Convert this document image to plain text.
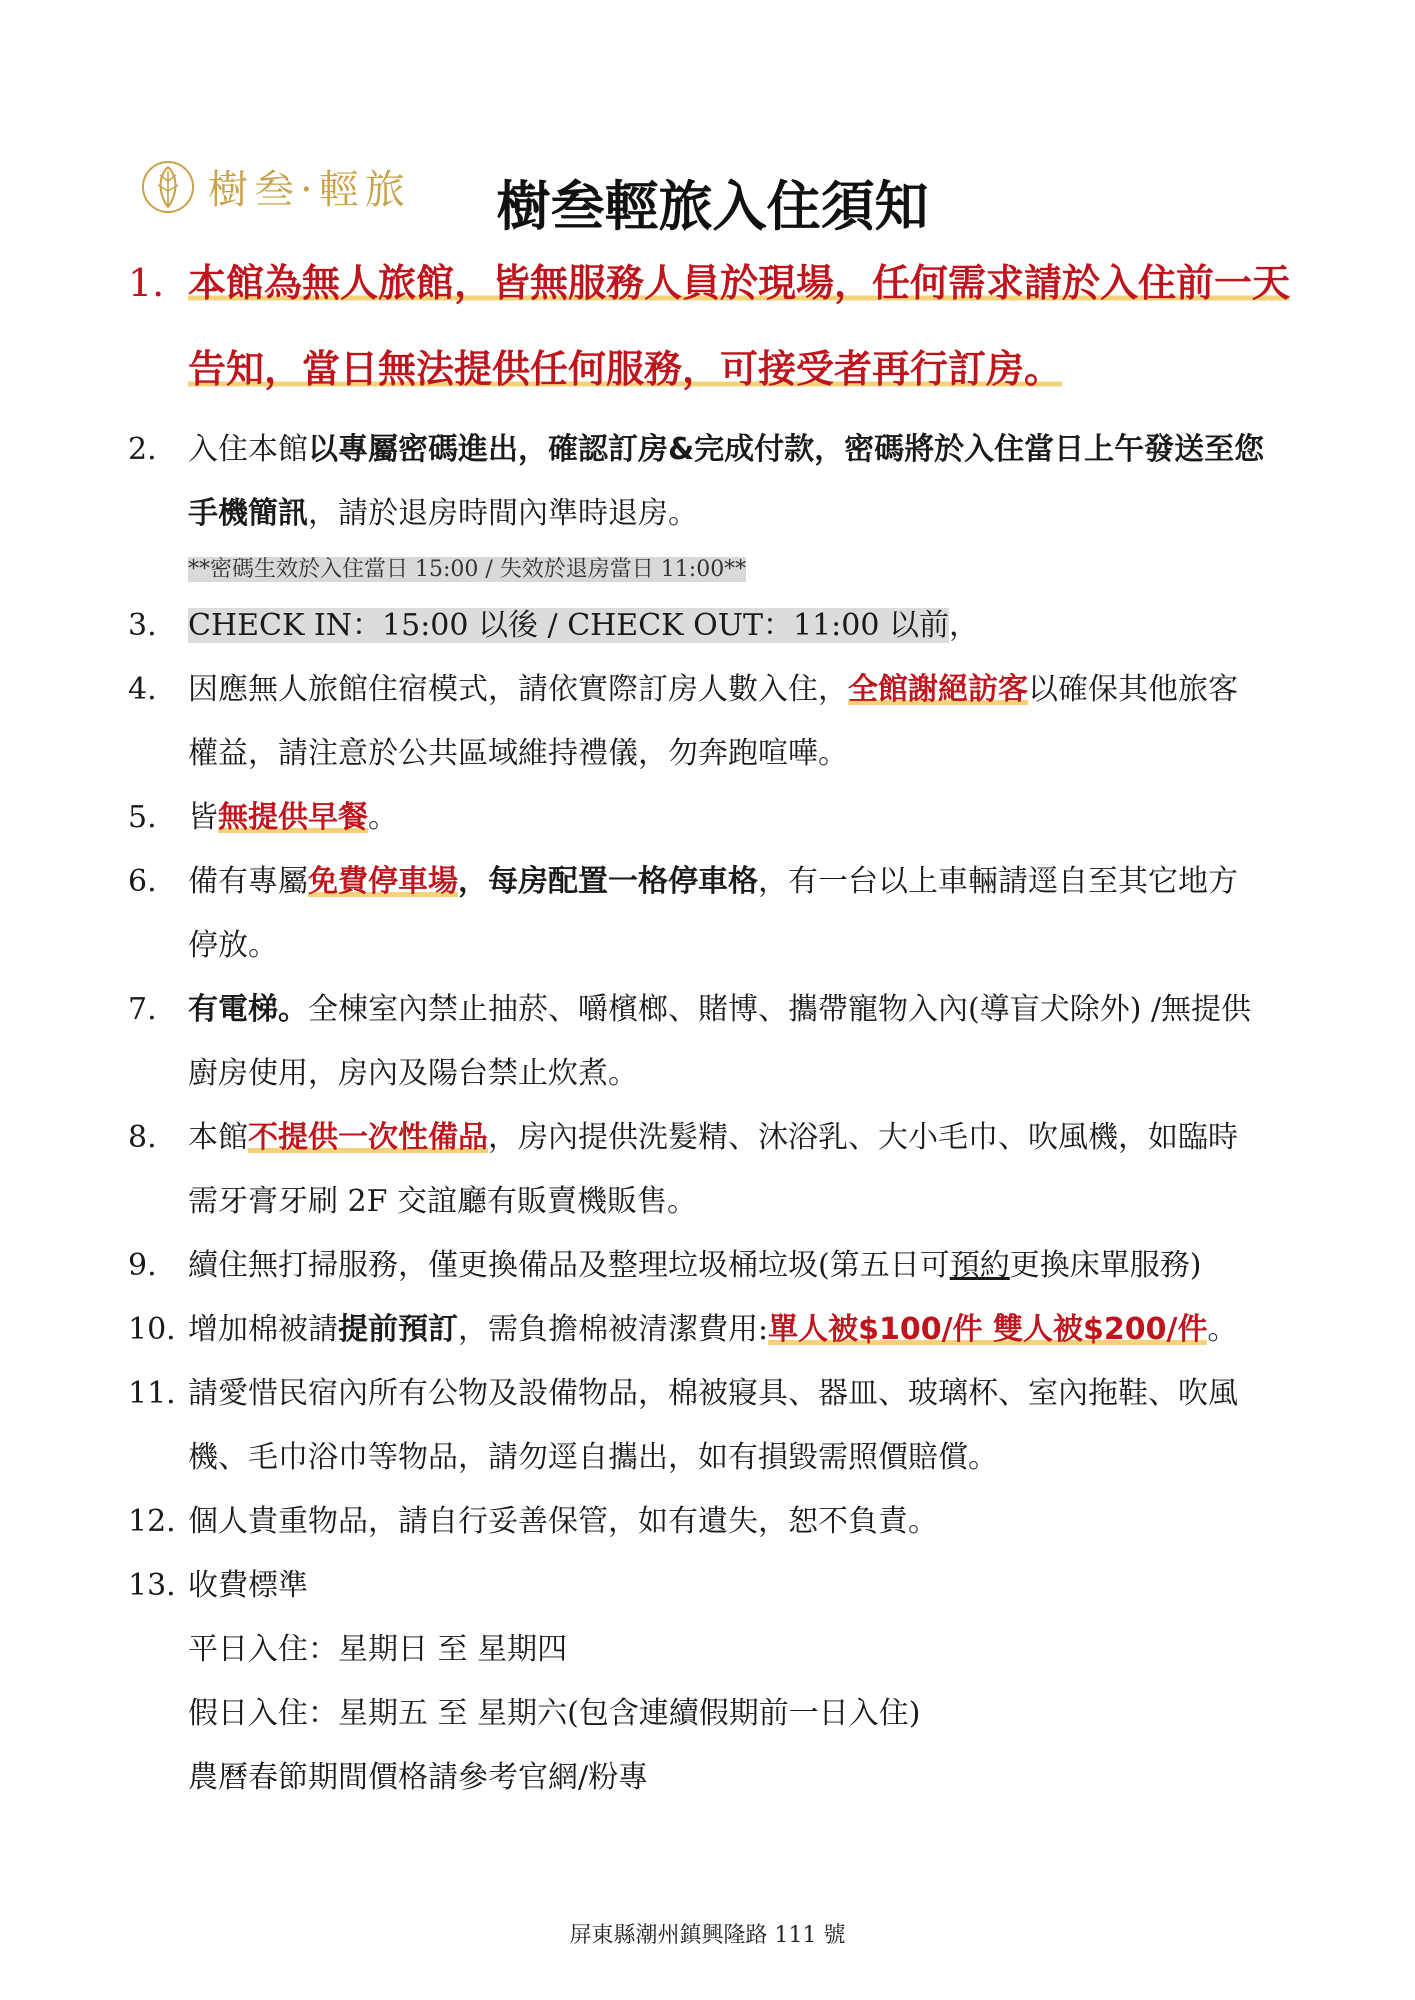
樹叁·輕旅	樹叁輕旅入住須知
1. 本館為無人旅館，皆無服務人員於現場，任何需求請於入住前一天
告知，當日無法提供任何服務，可接受者再行訂房。
2.	入住本館以專屬密碼進出，確認訂房&完成付款，密碼將於入住當日上午發送至您
手機簡訊，請於退房時間內準時退房。
**密碼生效於入住當日 15:00 / 失效於退房當日 11:00**
3.	CHECK IN：15:00 以後 / CHECK OUT：11:00 以前，
4.	因應無人旅館住宿模式，請依實際訂房人數入住，全館謝絕訪客以確保其他旅客
權益，請注意於公共區域維持禮儀，勿奔跑喧嘩。
5.	皆無提供早餐。
6.	備有專屬免費停車場，每房配置一格停車格，有一台以上車輛請逕自至其它地方
停放。
7.	有電梯。全棟室內禁止抽菸、嚼檳榔、賭博、攜帶寵物入內(導盲犬除外) /無提供
廚房使用，房內及陽台禁止炊煮。
8.	本館不提供一次性備品，房內提供洗髮精、沐浴乳、大小毛巾、吹風機，如臨時
需牙膏牙刷 2F 交誼廳有販賣機販售。
9.	續住無打掃服務，僅更換備品及整理垃圾桶垃圾(第五日可預約更換床單服務)
10. 增加棉被請提前預訂，需負擔棉被清潔費用:單人被$100/件 雙人被$200/件。
11. 請愛惜民宿內所有公物及設備物品，棉被寢具、器皿、玻璃杯、室內拖鞋、吹風
機、毛巾浴巾等物品，請勿逕自攜出，如有損毀需照價賠償。
12. 個人貴重物品，請自行妥善保管，如有遺失，恕不負責。
13. 收費標準
平日入住：星期日 至 星期四
假日入住：星期五 至 星期六(包含連續假期前一日入住)
農曆春節期間價格請參考官網/粉專
屏東縣潮州鎮興隆路 111 號
